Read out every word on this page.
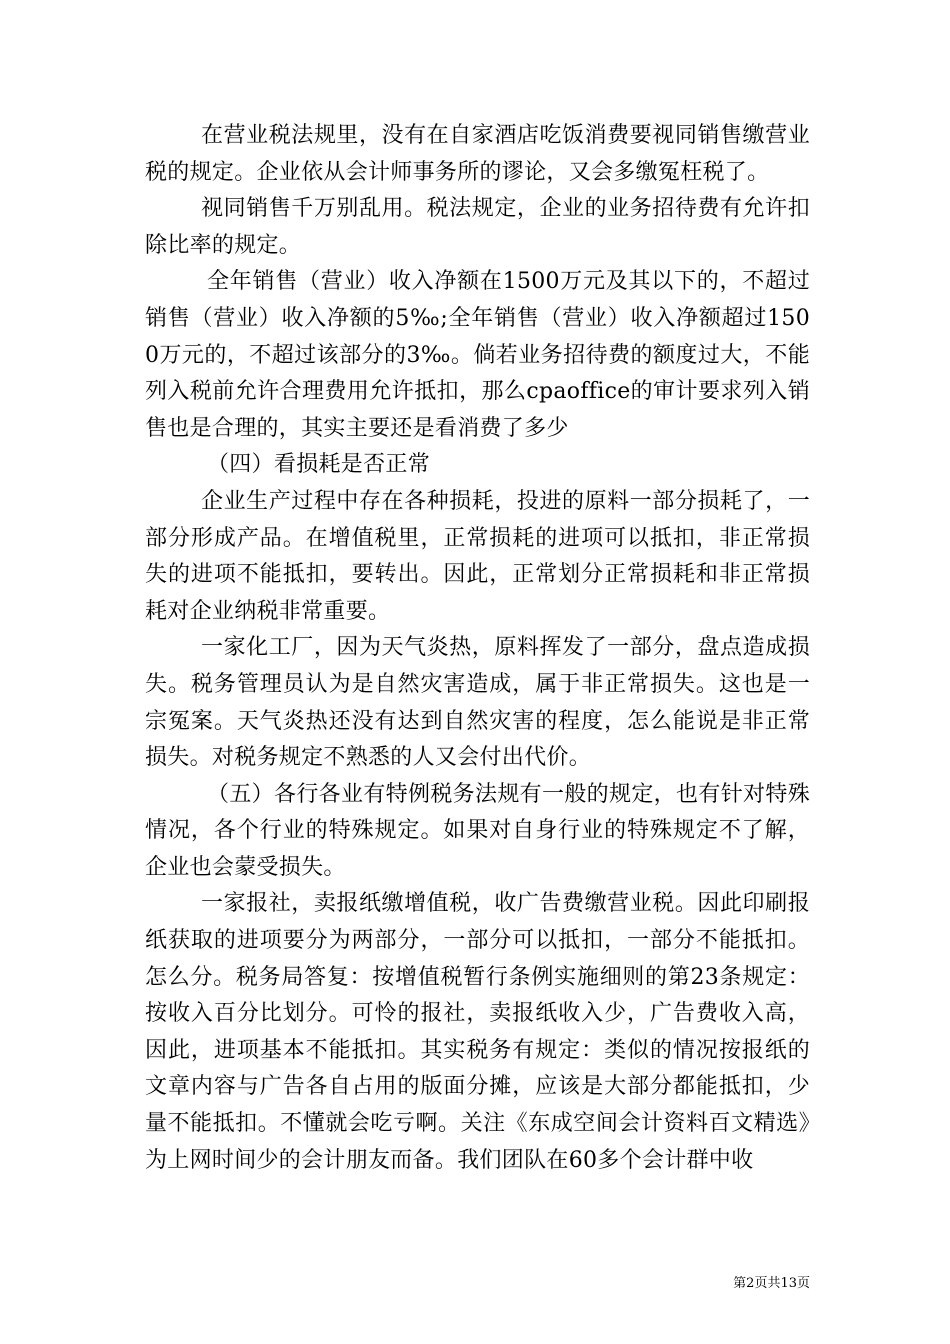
在营业税法规里，没有在自家酒店吃饭消费要视同销售缴营业税的规定。企业依从会计师事务所的谬论，又会多缴冤枉税了。

视同销售千万别乱用。税法规定，企业的业务招待费有允许扣除比率的规定。

全年销售（营业）收入净额在1500万元及其以下的，不超过销售（营业）收入净额的5‰;全年销售（营业）收入净额超过1500万元的，不超过该部分的3‰。倘若业务招待费的额度过大，不能列入税前允许合理费用允许抵扣，那么cpaoffice的审计要求列入销售也是合理的，其实主要还是看消费了多少

（四）看损耗是否正常

企业生产过程中存在各种损耗，投进的原料一部分损耗了，一部分形成产品。在增值税里，正常损耗的进项可以抵扣，非正常损失的进项不能抵扣，要转出。因此，正常划分正常损耗和非正常损耗对企业纳税非常重要。

一家化工厂，因为天气炎热，原料挥发了一部分，盘点造成损失。税务管理员认为是自然灾害造成，属于非正常损失。这也是一宗冤案。天气炎热还没有达到自然灾害的程度，怎么能说是非正常损失。对税务规定不熟悉的人又会付出代价。

（五）各行各业有特例税务法规有一般的规定，也有针对特殊情况，各个行业的特殊规定。如果对自身行业的特殊规定不了解，企业也会蒙受损失。

一家报社，卖报纸缴增值税，收广告费缴营业税。因此印刷报纸获取的进项要分为两部分，一部分可以抵扣，一部分不能抵扣。怎么分。税务局答复：按增值税暂行条例实施细则的第23条规定：按收入百分比划分。可怜的报社，卖报纸收入少，广告费收入高，因此，进项基本不能抵扣。其实税务有规定：类似的情况按报纸的文章内容与广告各自占用的版面分摊，应该是大部分都能抵扣，少量不能抵扣。不懂就会吃亏啊。关注《东成空间会计资料百文精选》为上网时间少的会计朋友而备。我们团队在60多个会计群中收

第2页共13页
